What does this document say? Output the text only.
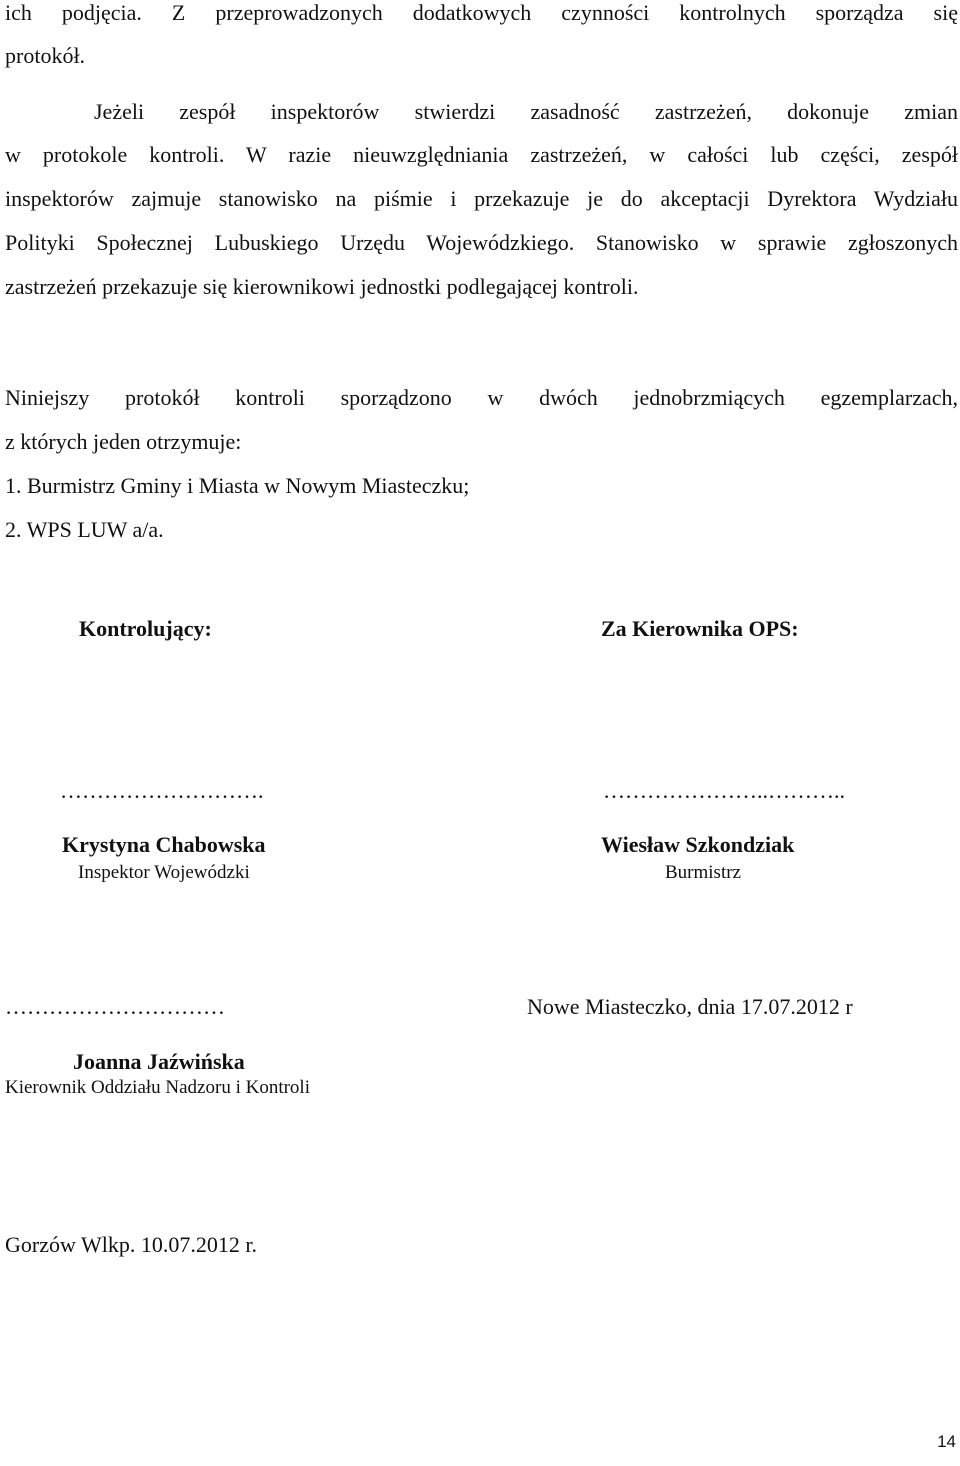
ich podjęcia. Z przeprowadzonych dodatkowych czynności kontrolnych sporządza się
protokół.
Jeżeli zespół inspektorów stwierdzi zasadność zastrzeżeń, dokonuje zmian
w protokole kontroli. W razie nieuwzględniania zastrzeżeń, w całości lub części, zespół
inspektorów zajmuje stanowisko na piśmie i przekazuje je do akceptacji Dyrektora Wydziału
Polityki Społecznej Lubuskiego Urzędu Wojewódzkiego. Stanowisko w sprawie zgłoszonych
zastrzeżeń przekazuje się kierownikowi jednostki podlegającej kontroli.
Niniejszy protokół kontroli sporządzono w dwóch jednobrzmiących egzemplarzach,
z których jeden otrzymuje:
1. Burmistrz Gminy i Miasta w Nowym Miasteczku;
2. WPS LUW a/a.
Kontrolujący:	Za Kierownika OPS:
……………………….	…………………..………..
Krystyna Chabowska
Inspektor Wojewódzki
Wiesław Szkondziak
Burmistrz
…………………………	Nowe Miasteczko, dnia 17.07.2012 r
Joanna Jaźwińska
Kierownik Oddziału Nadzoru i Kontroli
Gorzów Wlkp. 10.07.2012 r.
14
